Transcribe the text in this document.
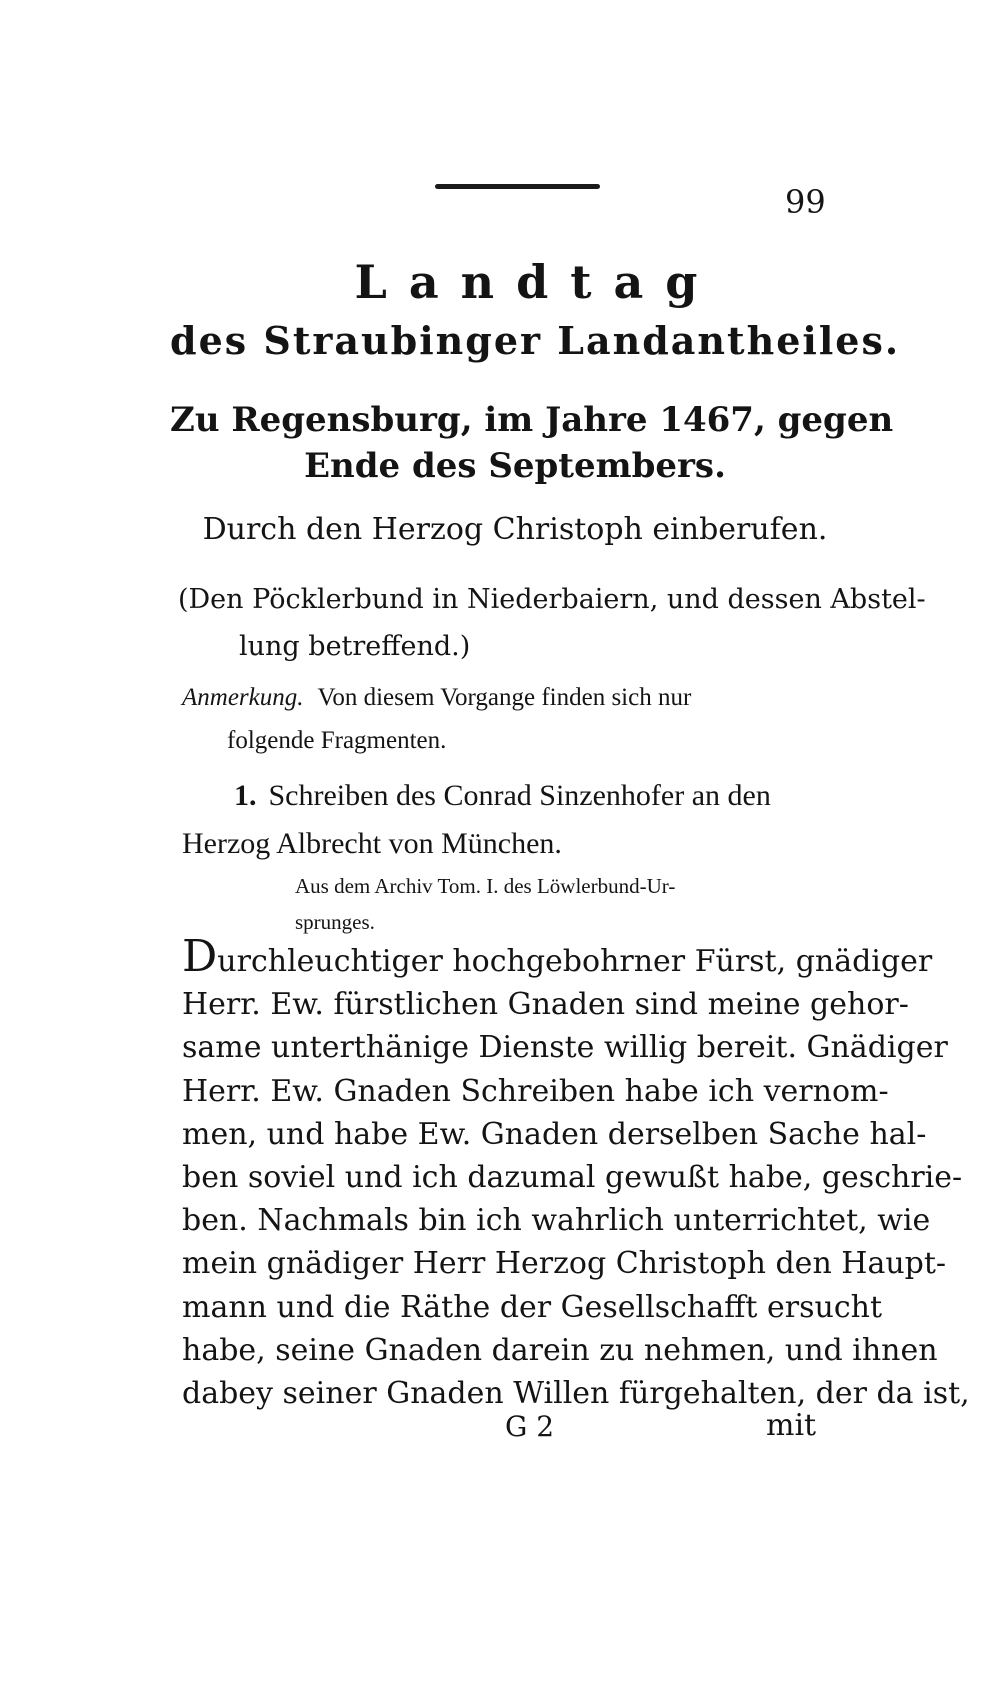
99
Landtag
des Straubinger Landantheiles.
Zu Regensburg, im Jahre 1467, gegen
Ende des Septembers.
Durch den Herzog Christoph einberufen.
(Den Pöcklerbund in Niederbaiern, und dessen Abstel-
lung betreffend.)
Anmerkung. Von diesem Vorgange finden sich nur
folgende Fragmenten.
1. Schreiben des Conrad Sinzenhofer an den
Herzog Albrecht von München.
Aus dem Archiv Tom. I. des Löwlerbund-Ur-
sprunges.
Durchleuchtiger hochgebohrner Fürst, gnädiger
Herr. Ew. fürstlichen Gnaden sind meine gehor-
same unterthänige Dienste willig bereit. Gnädiger
Herr. Ew. Gnaden Schreiben habe ich vernom-
men, und habe Ew. Gnaden derselben Sache hal-
ben soviel und ich dazumal gewußt habe, geschrie-
ben. Nachmals bin ich wahrlich unterrichtet, wie
mein gnädiger Herr Herzog Christoph den Haupt-
mann und die Räthe der Gesellschafft ersucht
habe, seine Gnaden darein zu nehmen, und ihnen
dabey seiner Gnaden Willen fürgehalten, der da ist,
G 2	mit
